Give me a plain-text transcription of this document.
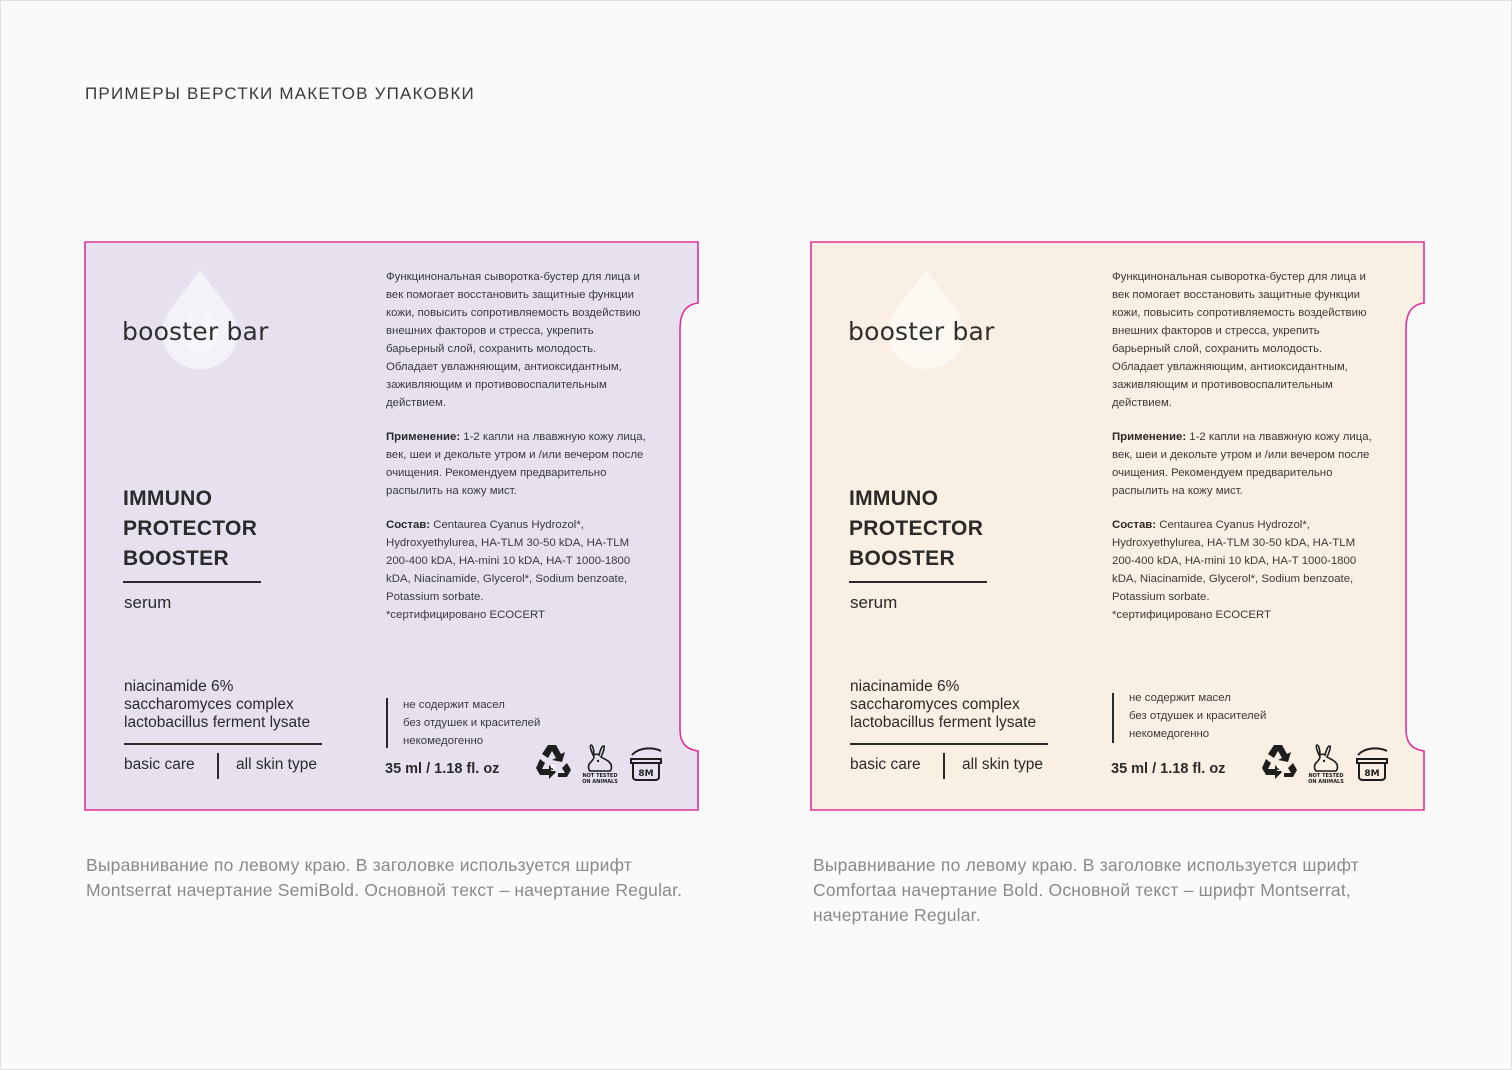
ПРИМЕРЫ ВЕРСТКИ МАКЕТОВ УПАКОВКИ
booster bar
IMMUNO
PROTECTOR
BOOSTER
serum
niacinamide 6%
saccharomyces complex
lactobacillus ferment lysate
basic care	all skin type

Функцинональная сыворотка-бустер для лица и век помогает восстановить защитные функции кожи, повысить сопротивляемость воздействию внешних факторов и стресса, укрепить барьерный слой, сохранить молодость. Обладает увлажняющим, антиоксидантным, заживляющим и противовоспалительным действием.

Применение: 1-2 капли на лвавжную кожу лица, век, шеи и декольте утром и /или вечером после очищения. Рекомендуем предварительно распылить на кожу мист.

Состав: Centaurea Cyanus Hydrozol*, Hydroxyethylurea, HA-TLM 30-50 kDA, HA-TLM 200-400 kDA, HA-mini 10 kDA, HA-T 1000-1800 kDA, Niacinamide, Glycerol*, Sodium benzoate, Potassium sorbate.

*сертифицировано ECOCERT

не содержит масел
без отдушек и красителей
некомедогенно
35 ml / 1.18 fl. oz	5
NOT TESTED
ON ANIMALS
8M
Выравнивание по левому краю. В заголовке используется шрифт Montserrat начертание SemiBold. Основной текст – начертание Regular.
booster bar
IMMUNO
PROTECTOR
BOOSTER
serum
niacinamide 6%
saccharomyces complex
lactobacillus ferment lysate
basic care	all skin type

Функцинональная сыворотка-бустер для лица и век помогает восстановить защитные функции кожи, повысить сопротивляемость воздействию внешних факторов и стресса, укрепить барьерный слой, сохранить молодость. Обладает увлажняющим, антиоксидантным, заживляющим и противовоспалительным действием.

Применение: 1-2 капли на лвавжную кожу лица, век, шеи и декольте утром и /или вечером после очищения. Рекомендуем предварительно распылить на кожу мист.

Состав: Centaurea Cyanus Hydrozol*, Hydroxyethylurea, HA-TLM 30-50 kDA, HA-TLM 200-400 kDA, HA-mini 10 kDA, HA-T 1000-1800 kDA, Niacinamide, Glycerol*, Sodium benzoate, Potassium sorbate.

*сертифицировано ECOCERT

не содержит масел
без отдушек и красителей
некомедогенно
35 ml / 1.18 fl. oz	5
NOT TESTED
ON ANIMALS
8M
Выравнивание по левому краю. В заголовке используется шрифт Comfortaa начертание Bold. Основной текст – шрифт Montserrat, начертание Regular.
